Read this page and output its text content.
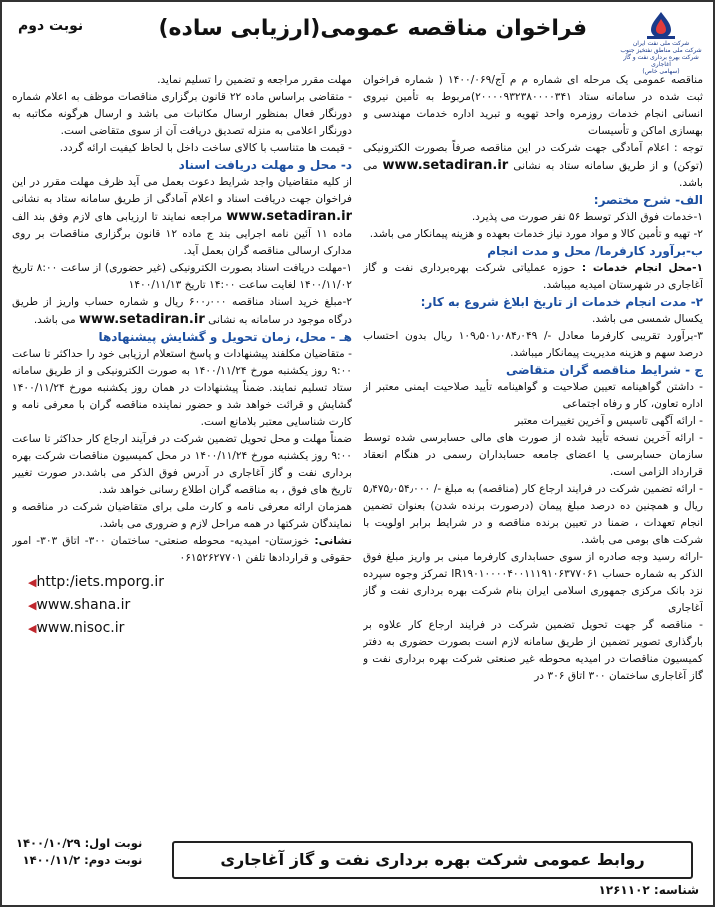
شرکت ملی نفت ایران
شرکت ملی مناطق نفتخیز جنوب
شرکت بهره برداری نفت و گاز آغاجاری
(سهامی خاص)
فراخوان مناقصه عمومی(ارزیابی ساده)
نوبت دوم

مناقصه عمومی یک مرحله ای شماره م م آج/۱۴۰۰/۰۶۹ ( شماره فراخوان ثبت شده در سامانه ستاد ۲۰۰۰۰۹۳۲۳۸۰۰۰۰۳۴۱)مربوط به تأمین نیروی انسانی انجام خدمات روزمره واحد تهویه و تبرید اداره خدمات مهندسی و بهسازی اماکن و تأسیسات

توجه : اعلام آمادگی جهت شرکت در این مناقصه صرفاً بصورت الکترونیکی (توکن) و از طریق سامانه ستاد به نشانی www.setadiran.ir می باشد.

الف- شرح مختصر:

۱-خدمات فوق الذکر توسط ۵۶ نفر صورت می پذیرد.

۲- تهیه و تأمین کالا و مواد مورد نیاز خدمات بعهده و هزینه پیمانکار می باشد.

ب-برآورد کارفرما/ محل و مدت انجام

۱-محل انجام خدمات : حوزه عملیاتی شرکت بهره‌برداری نفت و گاز آغاجاری در شهرستان امیدیه میباشد.

۲- مدت انجام خدمات از تاریخ ابلاغ شروع به کار:

یکسال شمسی می باشد.

۳-برآورد تقریبی کارفرما معادل -/ ۱۰۹٫۵۰۱٫۰۸۴٫۰۴۹ ریال بدون احتساب درصد سهم و هزینه مدیریت پیمانکار میباشد.

ج - شرایط مناقصه گران متقاضی

- داشتن گواهینامه تعیین صلاحیت و گواهینامه تأیید صلاحیت ایمنی معتبر از اداره تعاون، کار و رفاه اجتماعی

- ارائه آگهی تاسیس و آخرین تغییرات معتبر

- ارائه آخرین نسخه تأیید شده از صورت های مالی حسابرسی شده توسط سازمان حسابرسی یا اعضای جامعه حسابداران رسمی در هنگام انعقاد قرارداد الزامی است.

- ارائه تضمین شرکت در فرایند ارجاع کار (مناقصه) به مبلغ -/ ۵٫۴۷۵٫۰۵۴٫۰۰۰ ریال و همچنین ده درصد مبلغ پیمان (درصورت برنده شدن) بعنوان تضمین انجام تعهدات ، ضمنا در تعیین برنده مناقصه و در شرایط برابر اولویت با شرکت های بومی می باشد.

-ارائه رسید وجه صادره از سوی حسابداری کارفرما مبنی بر واریز مبلغ فوق الذکر به شماره حساب IR۱۹۰۱۰۰۰۰۴۰۰۱۱۱۹۱۰۶۳۷۷۰۶۱ تمرکز وجوه سپرده نزد بانک مرکزی جمهوری اسلامی ایران بنام شرکت بهره برداری نفت و گاز آغاجاری

- مناقصه گر جهت تحویل تضمین شرکت در فرایند ارجاع کار علاوه بر بارگذاری تصویر تضمین از طریق سامانه لازم است بصورت حضوری به دفتر کمیسیون مناقصات در امیدیه محوطه غیر صنعتی شرکت بهره برداری نفت و گاز آغاجاری ساختمان ۳۰۰ اتاق ۳۰۶ در

مهلت مقرر مراجعه و تضمین را تسلیم نماید.

- متقاضی براساس ماده ۲۲ قانون برگزاری مناقصات موظف به اعلام شماره دورنگار فعال بمنظور ارسال مکاتبات می باشد و ارسال هرگونه مکاتبه به دورنگار اعلامی به منزله تصدیق دریافت آن از سوی متقاضی است.

- قیمت ها متناسب با کالای ساخت داخل با لحاظ کیفیت ارائه گردد.

د- محل و مهلت دریافت اسناد

از کلیه متقاضیان واجد شرایط دعوت بعمل می آید ظرف مهلت مقرر در این فراخوان جهت دریافت اسناد و اعلام آمادگی از طریق سامانه ستاد به نشانی www.setadiran.ir مراجعه نمایند تا ارزیابی های لازم وفق بند الف ماده ۱۱ آئین نامه اجرایی بند ج ماده ۱۲ قانون برگزاری مناقصات بر روی مدارک ارسالی مناقصه گران بعمل آید.

۱-مهلت دریافت اسناد بصورت الکترونیکی (غیر حضوری) از ساعت ۸:۰۰ تاریخ ۱۴۰۰/۱۱/۰۲ لغایت ساعت ۱۴:۰۰ تاریخ ۱۴۰۰/۱۱/۱۳

۲-مبلغ خرید اسناد مناقصه ۶۰۰٫۰۰۰ ریال و شماره حساب واریز از طریق درگاه موجود در سامانه به نشانی www.setadiran.ir می باشد.

هـ - محل، زمان تحویل و گشایش پیشنهادها

- متقاضیان مکلفند پیشنهادات و پاسخ استعلام ارزیابی خود را حداکثر تا ساعت ۹:۰۰ روز یکشنبه مورخ ۱۴۰۰/۱۱/۲۴ به صورت الکترونیکی و از طریق سامانه ستاد تسلیم نمایند. ضمناً پیشنهادات در همان روز یکشنبه مورخ ۱۴۰۰/۱۱/۲۴ گشایش و قرائت خواهد شد و حضور نماینده مناقصه گران با معرفی نامه و کارت شناسایی معتبر بلامانع است.

ضمناً مهلت و محل تحویل تضمین شرکت در فرآیند ارجاع کار حداکثر تا ساعت ۹:۰۰ روز یکشنبه مورخ ۱۴۰۰/۱۱/۲۴ در محل کمیسیون مناقصات شرکت بهره برداری نفت و گاز آغاجاری در آدرس فوق الذکر می باشد.در صورت تغییر تاریخ های فوق ، به مناقصه گران اطلاع رسانی خواهد شد.

همزمان ارائه معرفی نامه و کارت ملی برای متقاضیان شرکت در مناقصه و نمایندگان شرکتها در همه مراحل لازم و ضروری می باشد.

نشانی: خوزستان- امیدیه- محوطه صنعتی- ساختمان ۳۰۰- اتاق ۳۰۳- امور حقوقی و قراردادها تلفن ۰۶۱۵۲۶۲۷۷۰۱

◀http:/iets.mporg.ir
◀www.shana.ir
◀www.nisoc.ir
نوبت اول: ۱۴۰۰/۱۰/۲۹
نوبت دوم: ۱۴۰۰/۱۱/۲	روابط عمومی شرکت بهره برداری نفت و گاز آغاجاری
شناسه: ۱۲۶۱۱۰۲
